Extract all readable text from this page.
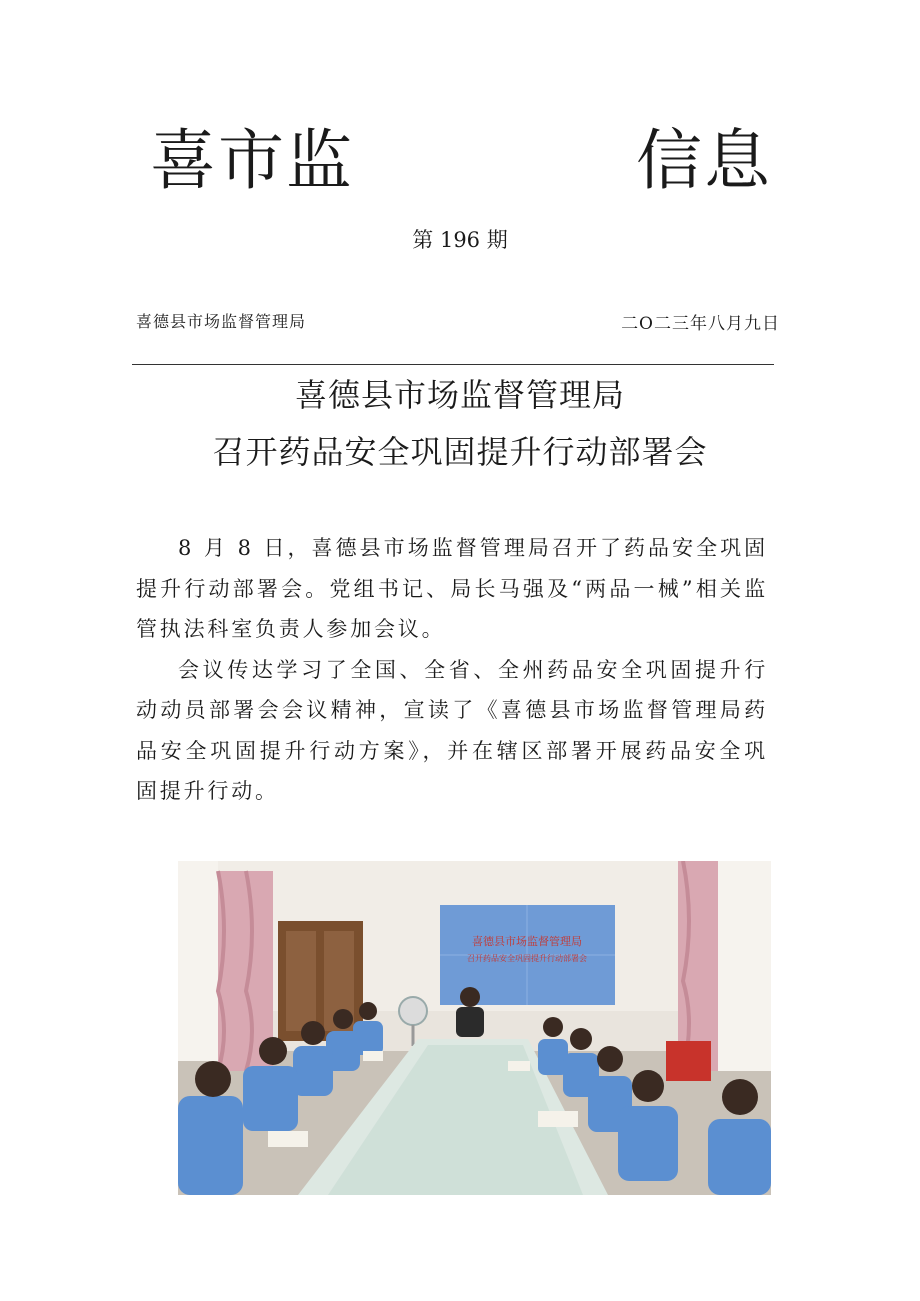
喜市监	信息
第 196 期
喜德县市场监督管理局	二O二三年八月九日
喜德县市场监督管理局
召开药品安全巩固提升行动部署会

8 月 8 日，喜德县市场监督管理局召开了药品安全巩固提升行动部署会。党组书记、局长马强及“两品一械”相关监管执法科室负责人参加会议。

会议传达学习了全国、全省、全州药品安全巩固提升行动动员部署会会议精神，宣读了《喜德县市场监督管理局药品安全巩固提升行动方案》，并在辖区部署开展药品安全巩固提升行动。

喜德县市场监督管理局
召开药品安全巩固提升行动部署会
